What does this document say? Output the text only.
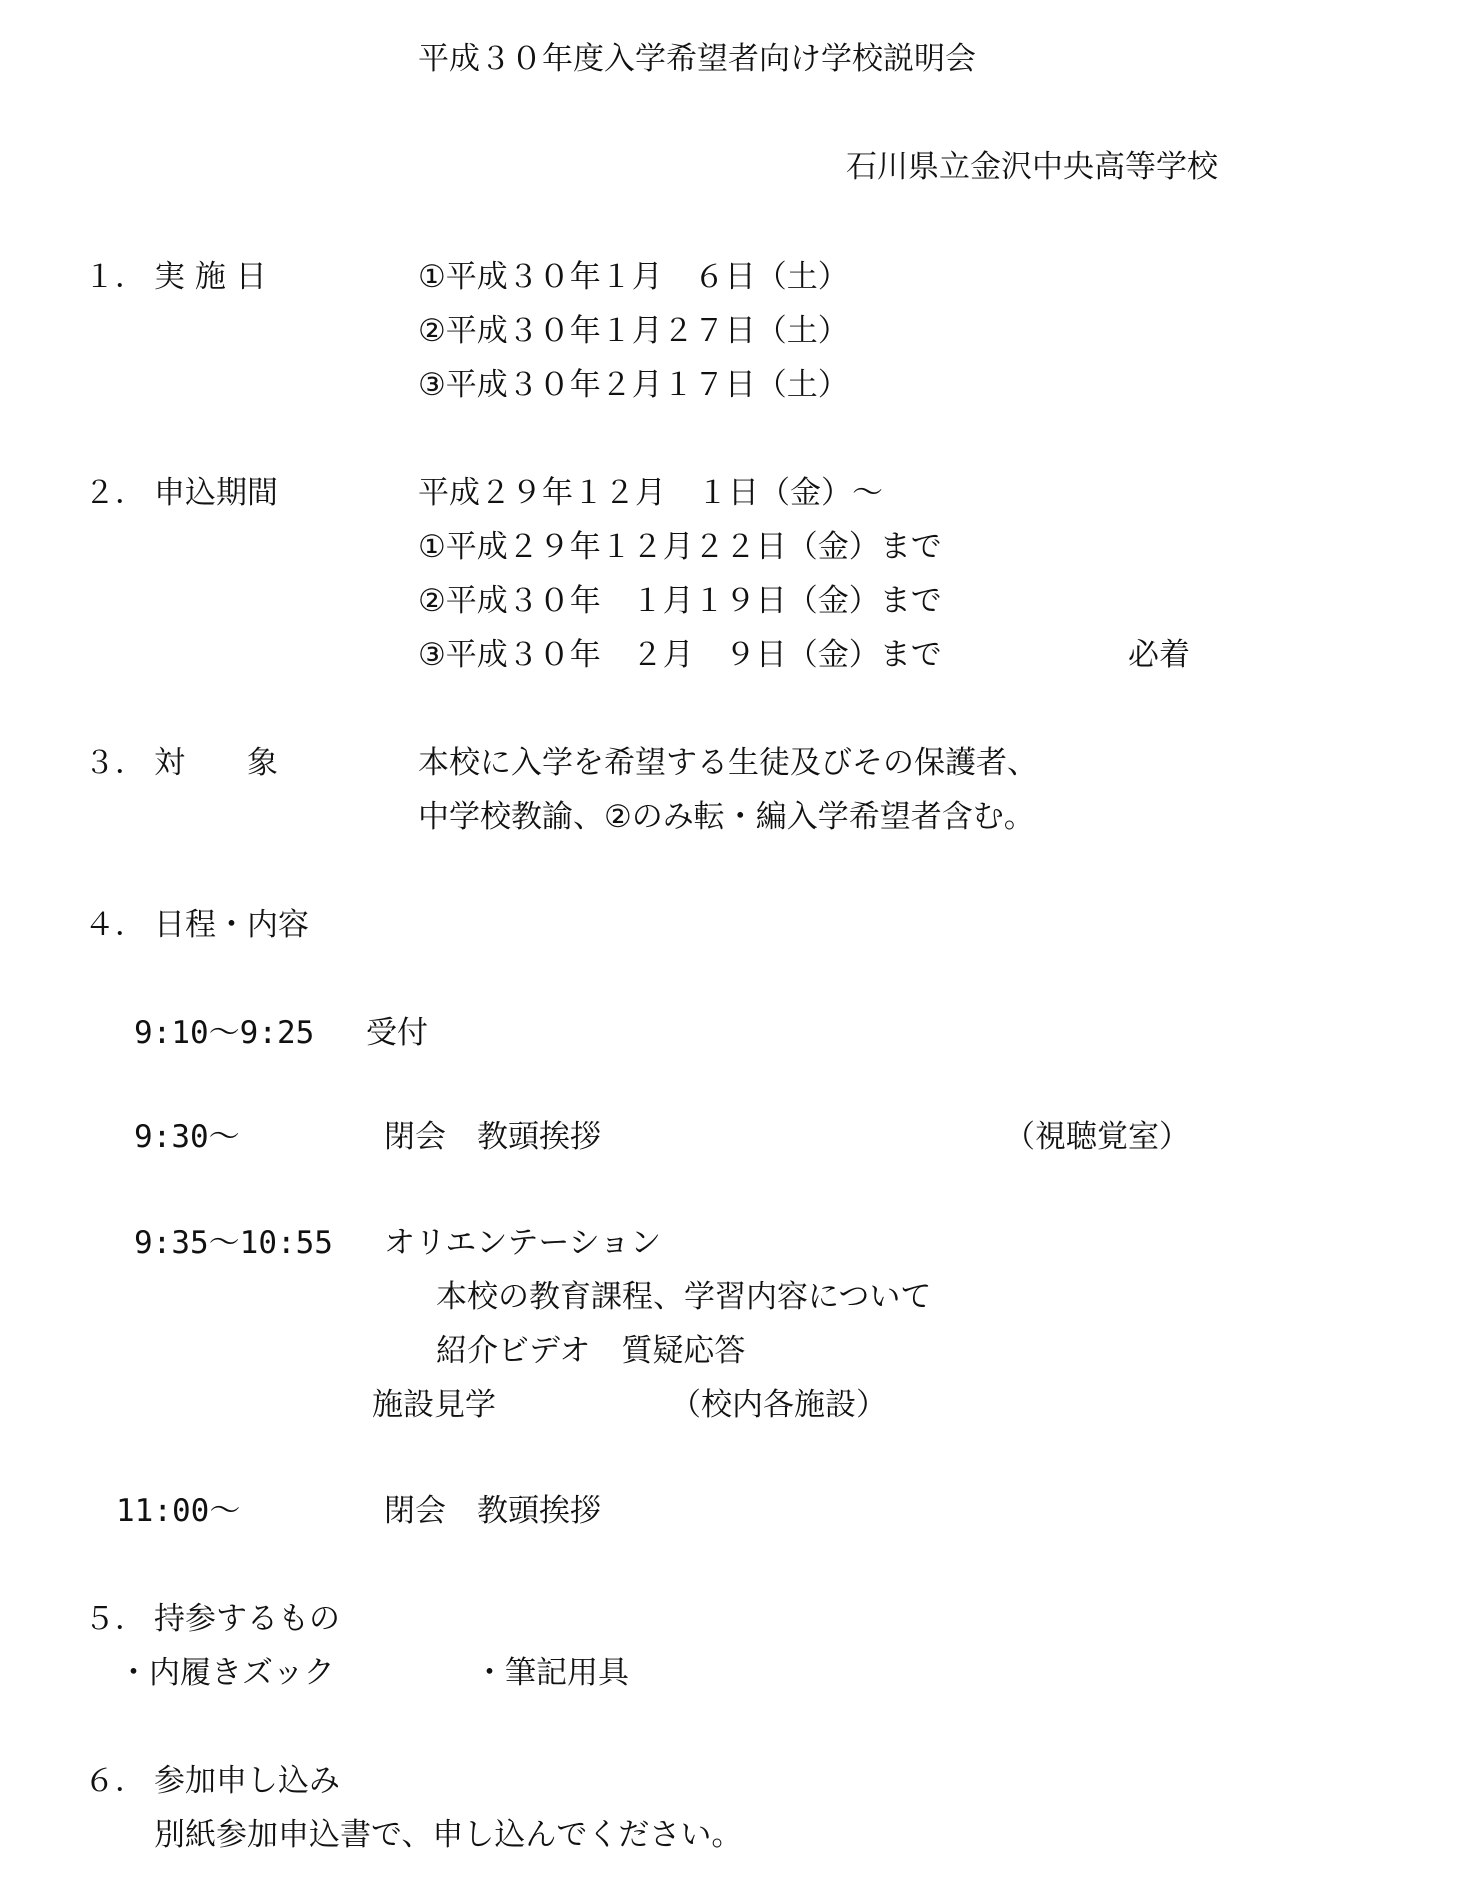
平成３０年度入学希望者向け学校説明会
石川県立金沢中央高等学校
１． 実 施 日	①平成３０年１月　６日（土）
②平成３０年１月２７日（土）
③平成３０年２月１７日（土）
２． 申込期間	平成２９年１２月　１日（金）～
①平成２９年１２月２２日（金）まで
②平成３０年　１月１９日（金）まで
③平成３０年　２月　９日（金）まで	必着
３． 対　　象	本校に入学を希望する生徒及びその保護者、
中学校教諭、②のみ転・編入学希望者含む。
４． 日程・内容
9:10～9:25 受付
9:30～	閉会　教頭挨拶	（視聴覚室）
9:35～10:55 オリエンテーション
本校の教育課程、学習内容について
紹介ビデオ　質疑応答
施設見学	（校内各施設）
11:00～	閉会　教頭挨拶
５． 持参するもの
・内履きズック	・筆記用具
６． 参加申し込み
別紙参加申込書で、申し込んでください。
